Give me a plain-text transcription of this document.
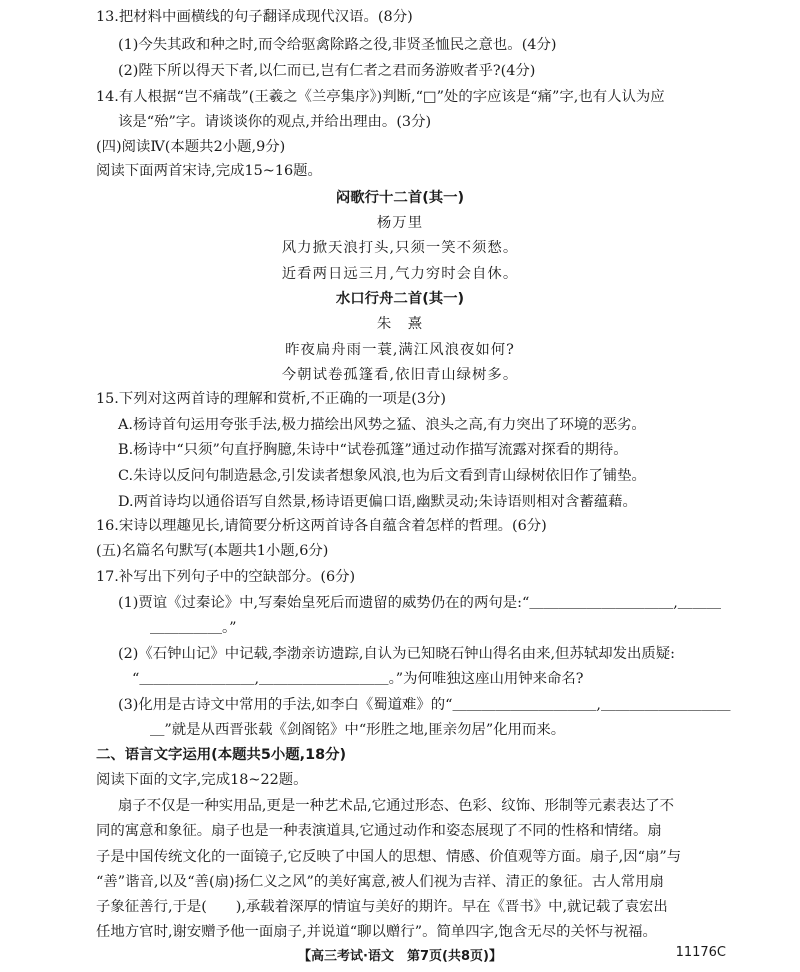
13.把材料中画横线的句子翻译成现代汉语。(8分)
(1)今失其政和种之时,而令给驱禽除路之役,非贤圣恤民之意也。(4分)
(2)陛下所以得天下者,以仁而已,岂有仁者之君而务游败者乎?(4分)
14.有人根据“岂不痛哉”(王羲之《兰亭集序》)判断,“□”处的字应该是“痛”字,也有人认为应
该是“殆”字。请谈谈你的观点,并给出理由。(3分)
(四)阅读Ⅳ(本题共2小题,9分)
阅读下面两首宋诗,完成15~16题。
闷歌行十二首(其一)
杨万里
风力掀天浪打头,只须一笑不须愁。
近看两日远三月,气力穷时会自休。
水口行舟二首(其一)
朱　熹
昨夜扁舟雨一蓑,满江风浪夜如何?
今朝试卷孤篷看,依旧青山绿树多。
15.下列对这两首诗的理解和赏析,不正确的一项是(3分)
A.杨诗首句运用夸张手法,极力描绘出风势之猛、浪头之高,有力突出了环境的恶劣。
B.杨诗中“只须”句直抒胸臆,朱诗中“试卷孤篷”通过动作描写流露对探看的期待。
C.朱诗以反问句制造悬念,引发读者想象风浪,也为后文看到青山绿树依旧作了铺垫。
D.两首诗均以通俗语写自然景,杨诗语更偏口语,幽默灵动;朱诗语则相对含蓄蕴藉。
16.宋诗以理趣见长,请简要分析这两首诗各自蕴含着怎样的哲理。(6分)
(五)名篇名句默写(本题共1小题,6分)
17.补写出下列句子中的空缺部分。(6分)
(1)贾谊《过秦论》中,写秦始皇死后而遗留的威势仍在的两句是:“＿＿＿＿＿＿＿＿＿＿,＿＿＿
＿＿＿＿＿。”
(2)《石钟山记》中记载,李渤亲访遗踪,自认为已知晓石钟山得名由来,但苏轼却发出质疑:
“＿＿＿＿＿＿＿＿,＿＿＿＿＿＿＿＿＿。”为何唯独这座山用钟来命名?
(3)化用是古诗文中常用的手法,如李白《蜀道难》的“＿＿＿＿＿＿＿＿＿＿,＿＿＿＿＿＿＿＿＿
＿”就是从西晋张载《剑阁铭》中“形胜之地,匪亲勿居”化用而来。
二、语言文字运用(本题共5小题,18分)
阅读下面的文字,完成18~22题。
扇子不仅是一种实用品,更是一种艺术品,它通过形态、色彩、纹饰、形制等元素表达了不
同的寓意和象征。扇子也是一种表演道具,它通过动作和姿态展现了不同的性格和情绪。扇
子是中国传统文化的一面镜子,它反映了中国人的思想、情感、价值观等方面。扇子,因“扇”与
“善”谐音,以及“善(扇)扬仁义之风”的美好寓意,被人们视为吉祥、清正的象征。古人常用扇
子象征善行,于是(　　),承载着深厚的情谊与美好的期许。早在《晋书》中,就记载了袁宏出
任地方官时,谢安赠予他一面扇子,并说道“聊以赠行”。简单四字,饱含无尽的关怀与祝福。
【高三考试·语文　第7页(共8页)】	11176C
